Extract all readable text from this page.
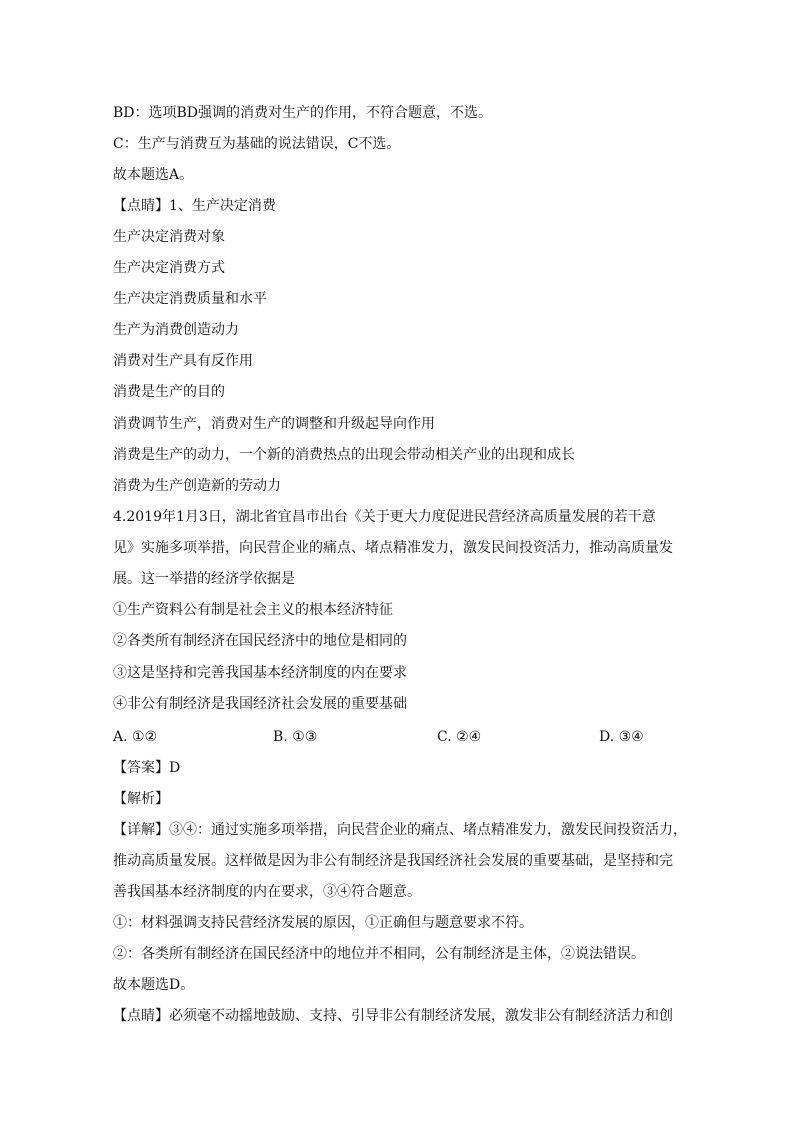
BD：选项BD强调的消费对生产的作用，不符合题意，不选。
C：生产与消费互为基础的说法错误，C不选。
故本题选A。
【点睛】1、生产决定消费
生产决定消费对象
生产决定消费方式
生产决定消费质量和水平
生产为消费创造动力
消费对生产具有反作用
消费是生产的目的
消费调节生产，消费对生产的调整和升级起导向作用
消费是生产的动力，一个新的消费热点的出现会带动相关产业的出现和成长
消费为生产创造新的劳动力
4.2019年1月3日，湖北省宜昌市出台《关于更大力度促进民营经济高质量发展的若干意
见》实施多项举措，向民营企业的痛点、堵点精准发力，激发民间投资活力，推动高质量发
展。这一举措的经济学依据是
①生产资料公有制是社会主义的根本经济特征
②各类所有制经济在国民经济中的地位是相同的
③这是坚持和完善我国基本经济制度的内在要求
④非公有制经济是我国经济社会发展的重要基础
A. ①②	B. ①③	C. ②④	D. ③④
【答案】D
【解析】
【详解】③④：通过实施多项举措，向民营企业的痛点、堵点精准发力，激发民间投资活力，
推动高质量发展。这样做是因为非公有制经济是我国经济社会发展的重要基础，是坚持和完
善我国基本经济制度的内在要求，③④符合题意。
①：材料强调支持民营经济发展的原因，①正确但与题意要求不符。
②：各类所有制经济在国民经济中的地位并不相同，公有制经济是主体，②说法错误。
故本题选D。
【点睛】必须毫不动摇地鼓励、支持、引导非公有制经济发展，激发非公有制经济活力和创
